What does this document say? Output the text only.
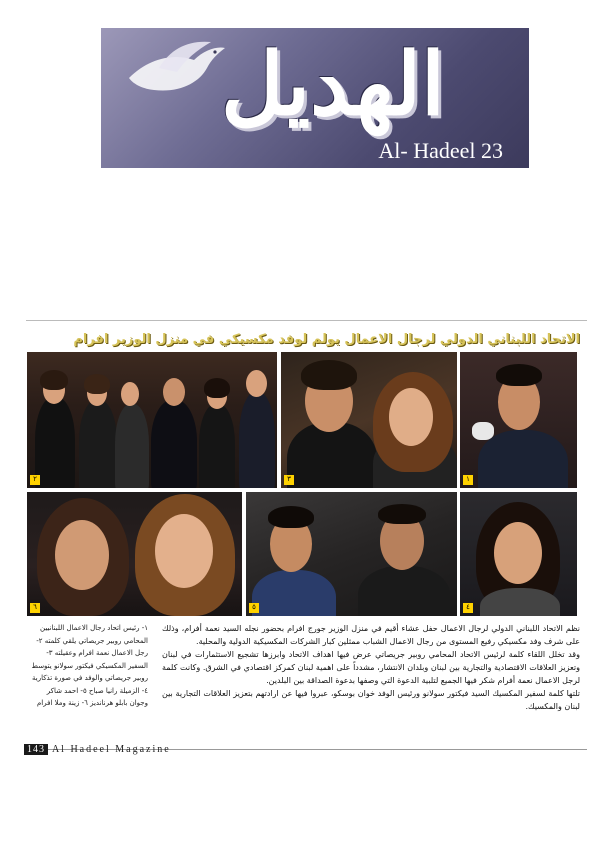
الهديل
Al- Hadeel 23
الاتحاد اللبناني الدولي لرجال الاعمال يولم لوفد مكسيكي في منزل الوزير افرام
٢	٣	١
٦	٥	٤
١- رئيس اتحاد رجال الاعمال اللبنانيين المحامي روبير جريصاتي يلقي كلمته ٢- رجل الاعمال نعمة افرام وعقيلته ٣- السفير المكسيكي فيكتور سولانو يتوسط روبير جريصاتي والوفد في صورة تذكارية ٤- الزميلة رانيا صباح ٥- احمد شاكر وجوان بابلو هرنانديز ٦- زينة وملا افرام

نظم الاتحاد اللبناني الدولي لرجال الاعمال حفل عشاء أقيم في منزل الوزير جورج افرام بحضور نجله السيد نعمة أفرام، وذلك على شرف وفد مكسيكي رفيع المستوى من رجال الاعمال الشباب ممثلين كبار الشركات المكسيكية الدولية والمحلية.

وقد تخلل اللقاء كلمة لرئيس الاتحاد المحامي روبير جريصاتي عرض فيها اهداف الاتحاد وابرزها تشجيع الاستثمارات في لبنان وتعزيز العلاقات الاقتصادية والتجارية بين لبنان وبلدان الانتشار، مشدداً على اهمية لبنان كمركز اقتصادي في الشرق. وكانت كلمة لرجل الاعمال نعمة أفرام شكر فيها الجميع لتلبية الدعوة التي وصفها بدعوة الصداقة بين البلدين.

تلتها كلمة لسفير المكسيك السيد فيكتور سولانو ورئيس الوفد خوان بوسكو، عبروا فيها عن ارادتهم بتعزيز العلاقات التجارية بين لبنان والمكسيك.

143 Al Hadeel Magazine
